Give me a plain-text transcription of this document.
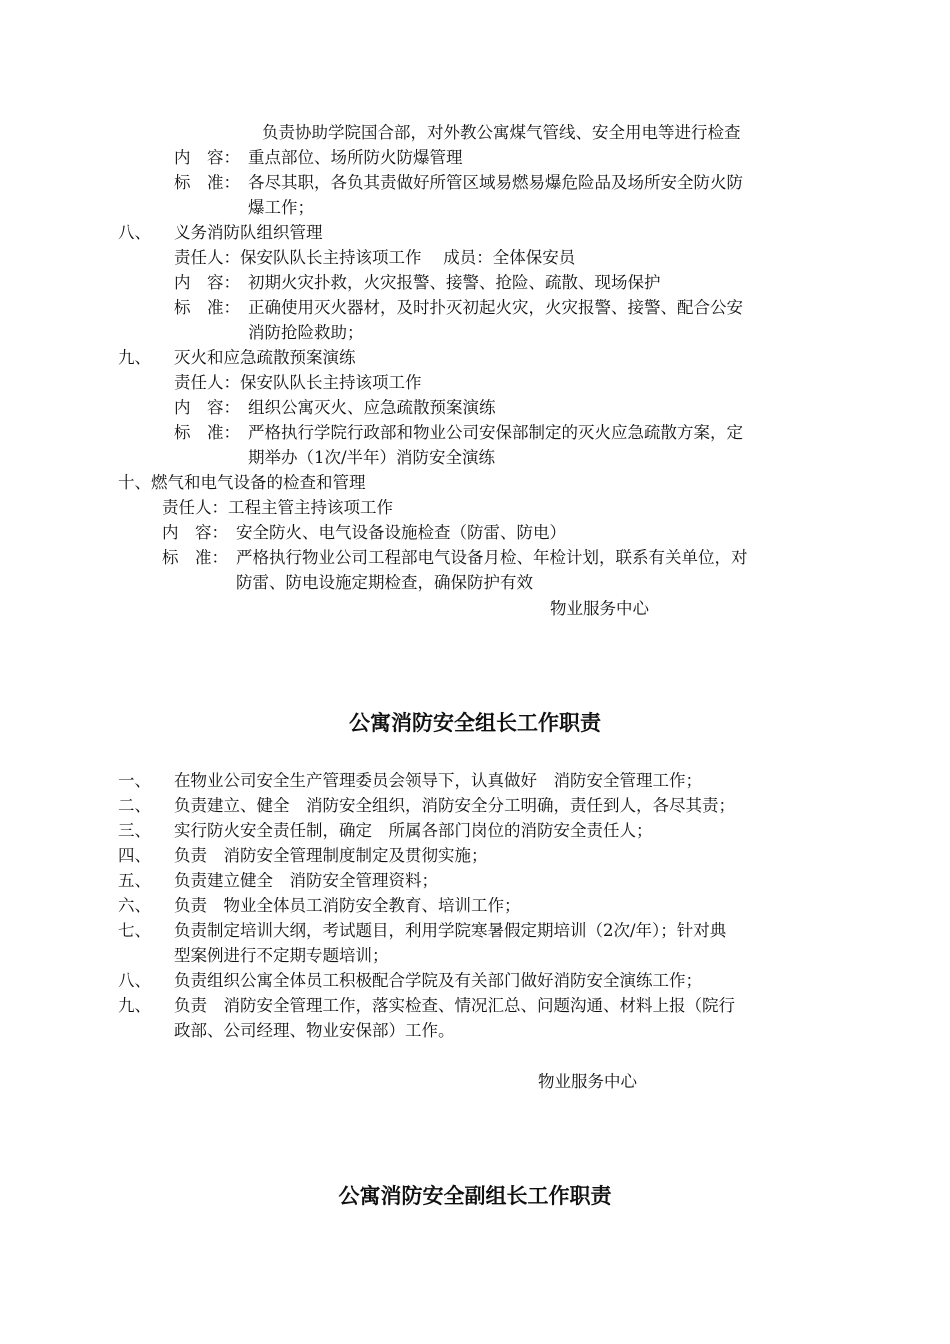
负责协助学院国合部，对外教公寓煤气管线、安全用电等进行检查
内　容： 重点部位、场所防火防爆管理
标　准： 各尽其职，各负其责做好所管区域易燃易爆危险品及场所安全防火防
爆工作；
八、 义务消防队组织管理
责任人：保安队队长主持该项工作　 成员：全体保安员
内　容： 初期火灾扑救，火灾报警、接警、抢险、疏散、现场保护
标　准： 正确使用灭火器材，及时扑灭初起火灾，火灾报警、接警、配合公安
消防抢险救助；
九、 灭火和应急疏散预案演练
责任人：保安队队长主持该项工作
内　容： 组织公寓灭火、应急疏散预案演练
标　准： 严格执行学院行政部和物业公司安保部制定的灭火应急疏散方案，定
期举办（1次/半年）消防安全演练
十、燃气和电气设备的检查和管理
责任人：工程主管主持该项工作
内　容： 安全防火、电气设备设施检查（防雷、防电）
标　准： 严格执行物业公司工程部电气设备月检、年检计划，联系有关单位，对
防雷、防电设施定期检查，确保防护有效
物业服务中心
公寓消防安全组长工作职责
一、 在物业公司安全生产管理委员会领导下，认真做好　消防安全管理工作；
二、 负责建立、健全　消防安全组织，消防安全分工明确，责任到人，各尽其责；
三、 实行防火安全责任制，确定　所属各部门岗位的消防安全责任人；
四、 负责　消防安全管理制度制定及贯彻实施；
五、 负责建立健全　消防安全管理资料；
六、 负责　物业全体员工消防安全教育、培训工作；
七、 负责制定培训大纲，考试题目，利用学院寒暑假定期培训（2次/年）；针对典
型案例进行不定期专题培训；
八、 负责组织公寓全体员工积极配合学院及有关部门做好消防安全演练工作；
九、 负责　消防安全管理工作，落实检查、情况汇总、问题沟通、材料上报（院行
政部、公司经理、物业安保部）工作。
物业服务中心
公寓消防安全副组长工作职责
